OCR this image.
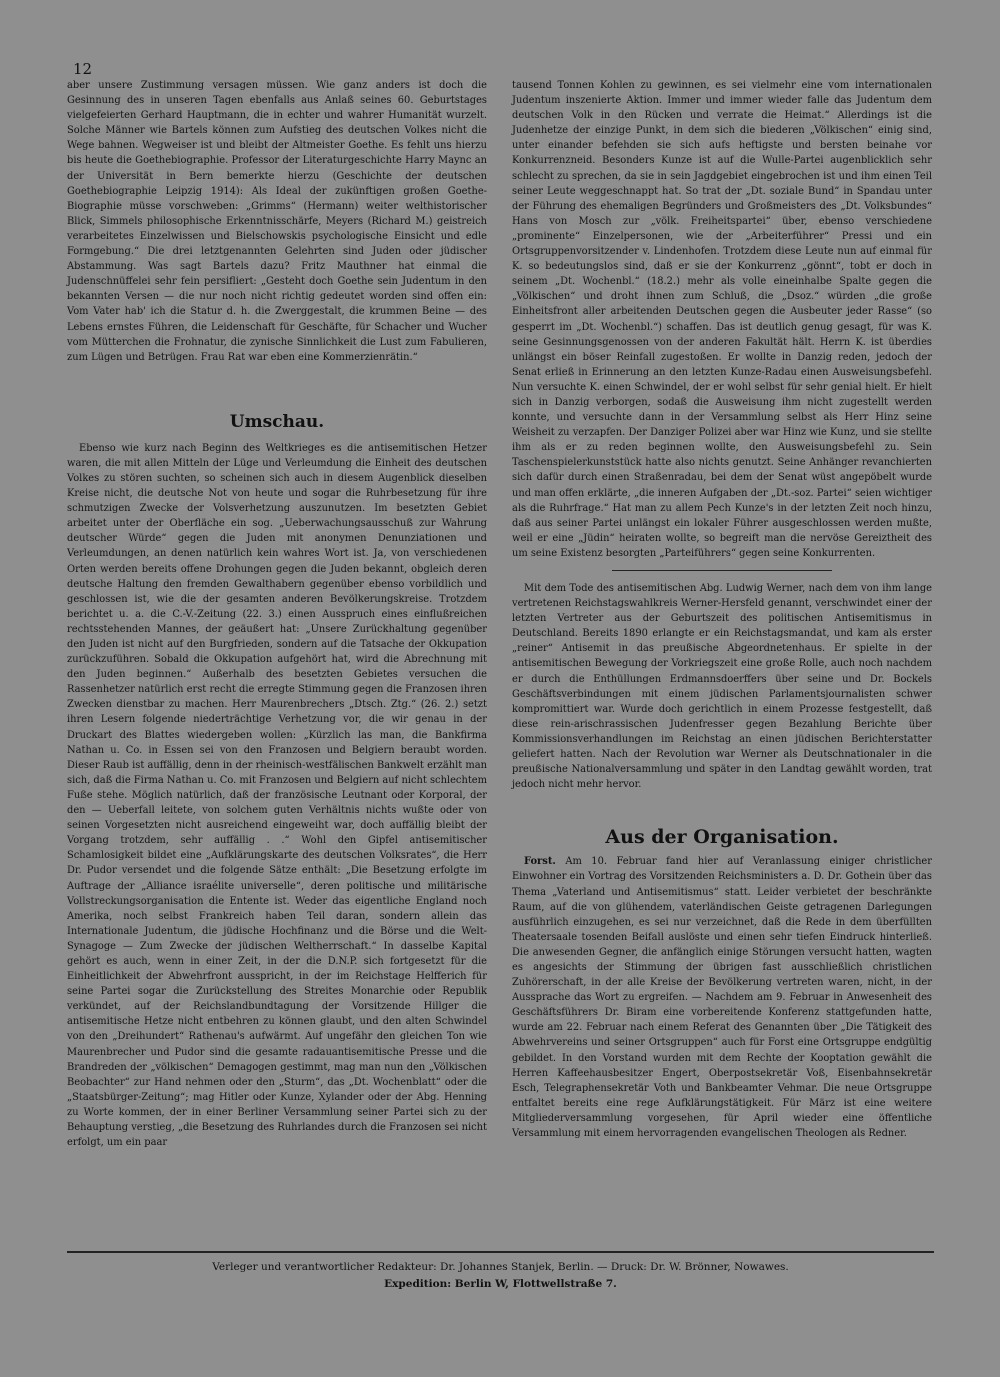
12

aber unsere Zustimmung versagen müssen. Wie ganz anders ist doch die Gesinnung des in unseren Tagen ebenfalls aus Anlaß seines 60. Geburtstages vielgefeierten Gerhard Hauptmann, die in echter und wahrer Humanität wurzelt. Solche Männer wie Bartels können zum Aufstieg des deutschen Volkes nicht die Wege bahnen. Wegweiser ist und bleibt der Altmeister Goethe. Es fehlt uns hierzu bis heute die Goethebiographie. Professor der Literaturgeschichte Harry Maync an der Universität in Bern bemerkte hierzu (Geschichte der deutschen Goethebiographie Leipzig 1914): Als Ideal der zukünftigen großen Goethe-Biographie müsse vorschweben: „Grimms“ (Hermann) weiter welthistorischer Blick, Simmels philosophische Erkenntnisschärfe, Meyers (Richard M.) geistreich verarbeitetes Einzelwissen und Bielschowskis psychologische Einsicht und edle Formgebung.“ Die drei letztgenannten Gelehrten sind Juden oder jüdischer Abstammung. Was sagt Bartels dazu? Fritz Mauthner hat einmal die Judenschnüffelei sehr fein persifliert: „Gesteht doch Goethe sein Judentum in den bekannten Versen — die nur noch nicht richtig gedeutet worden sind offen ein: Vom Vater hab' ich die Statur d. h. die Zwerggestalt, die krummen Beine — des Lebens ernstes Führen, die Leidenschaft für Geschäfte, für Schacher und Wucher vom Mütterchen die Frohnatur, die zynische Sinnlichkeit die Lust zum Fabulieren, zum Lügen und Betrügen. Frau Rat war eben eine Kommerzienrätin.“

Umschau.

Ebenso wie kurz nach Beginn des Weltkrieges es die antisemitischen Hetzer waren, die mit allen Mitteln der Lüge und Verleumdung die Einheit des deutschen Volkes zu stören suchten, so scheinen sich auch in diesem Augenblick dieselben Kreise nicht, die deutsche Not von heute und sogar die Ruhrbesetzung für ihre schmutzigen Zwecke der Volsverhetzung auszunutzen. Im besetzten Gebiet arbeitet unter der Oberfläche ein sog. „Ueberwachungsausschuß zur Wahrung deutscher Würde“ gegen die Juden mit anonymen Denunziationen und Verleumdungen, an denen natürlich kein wahres Wort ist. Ja, von verschiedenen Orten werden bereits offene Drohungen gegen die Juden bekannt, obgleich deren deutsche Haltung den fremden Gewalthabern gegenüber ebenso vorbildlich und geschlossen ist, wie die der gesamten anderen Bevölkerungskreise. Trotzdem berichtet u. a. die C.-V.-Zeitung (22. 3.) einen Ausspruch eines einflußreichen rechtsstehenden Mannes, der geäußert hat: „Unsere Zurückhaltung gegenüber den Juden ist nicht auf den Burgfrieden, sondern auf die Tatsache der Okkupation zurückzuführen. Sobald die Okkupation aufgehört hat, wird die Abrechnung mit den Juden beginnen.“ Außerhalb des besetzten Gebietes versuchen die Rassenhetzer natürlich erst recht die erregte Stimmung gegen die Franzosen ihren Zwecken dienstbar zu machen. Herr Maurenbrechers „Dtsch. Ztg.“ (26. 2.) setzt ihren Lesern folgende niederträchtige Verhetzung vor, die wir genau in der Druckart des Blattes wiedergeben wollen: „Kürzlich las man, die Bankfirma Nathan u. Co. in Essen sei von den Franzosen und Belgiern beraubt worden. Dieser Raub ist auffällig, denn in der rheinisch-westfälischen Bankwelt erzählt man sich, daß die Firma Nathan u. Co. mit Franzosen und Belgiern auf nicht schlechtem Fuße stehe. Möglich natürlich, daß der französische Leutnant oder Korporal, der den — Ueberfall leitete, von solchem guten Verhältnis nichts wußte oder von seinen Vorgesetzten nicht ausreichend eingeweiht war, doch auffällig bleibt der Vorgang trotzdem, sehr auffällig . .“ Wohl den Gipfel antisemitischer Schamlosigkeit bildet eine „Aufklärungskarte des deutschen Volksrates“, die Herr Dr. Pudor versendet und die folgende Sätze enthält: „Die Besetzung erfolgte im Auftrage der „Alliance israélite universelle“, deren politische und militärische Vollstreckungsorganisation die Entente ist. Weder das eigentliche England noch Amerika, noch selbst Frankreich haben Teil daran, sondern allein das Internationale Judentum, die jüdische Hochfinanz und die Börse und die Welt-Synagoge — Zum Zwecke der jüdischen Weltherrschaft.“ In dasselbe Kapital gehört es auch, wenn in einer Zeit, in der die D.N.P. sich fortgesetzt für die Einheitlichkeit der Abwehrfront ausspricht, in der im Reichstage Helfferich für seine Partei sogar die Zurückstellung des Streites Monarchie oder Republik verkündet, auf der Reichslandbundtagung der Vorsitzende Hillger die antisemitische Hetze nicht entbehren zu können glaubt, und den alten Schwindel von den „Dreihundert“ Rathenau's aufwärmt. Auf ungefähr den gleichen Ton wie Maurenbrecher und Pudor sind die gesamte radauantisemitische Presse und die Brandreden der „völkischen“ Demagogen gestimmt, mag man nun den „Völkischen Beobachter“ zur Hand nehmen oder den „Sturm“, das „Dt. Wochenblatt“ oder die „Staatsbürger-Zeitung“; mag Hitler oder Kunze, Xylander oder der Abg. Henning zu Worte kommen, der in einer Berliner Versammlung seiner Partei sich zu der Behauptung verstieg, „die Besetzung des Ruhrlandes durch die Franzosen sei nicht erfolgt, um ein paar

tausend Tonnen Kohlen zu gewinnen, es sei vielmehr eine vom internationalen Judentum inszenierte Aktion. Immer und immer wieder falle das Judentum dem deutschen Volk in den Rücken und verrate die Heimat.“ Allerdings ist die Judenhetze der einzige Punkt, in dem sich die biederen „Völkischen“ einig sind, unter einander befehden sie sich aufs heftigste und bersten beinahe vor Konkurrenzneid. Besonders Kunze ist auf die Wulle-Partei augenblicklich sehr schlecht zu sprechen, da sie in sein Jagdgebiet eingebrochen ist und ihm einen Teil seiner Leute weggeschnappt hat. So trat der „Dt. soziale Bund“ in Spandau unter der Führung des ehemaligen Begründers und Großmeisters des „Dt. Volksbundes“ Hans von Mosch zur „völk. Freiheitspartei“ über, ebenso verschiedene „prominente“ Einzelpersonen, wie der „Arbeiterführer“ Pressi und ein Ortsgruppenvorsitzender v. Lindenhofen. Trotzdem diese Leute nun auf einmal für K. so bedeutungslos sind, daß er sie der Konkurrenz „gönnt“, tobt er doch in seinem „Dt. Wochenbl.“ (18.2.) mehr als volle eineinhalbe Spalte gegen die „Völkischen“ und droht ihnen zum Schluß, die „Dsoz.“ würden „die große Einheitsfront aller arbeitenden Deutschen gegen die Ausbeuter jeder Rasse“ (so gesperrt im „Dt. Wochenbl.“) schaffen. Das ist deutlich genug gesagt, für was K. seine Gesinnungsgenossen von der anderen Fakultät hält. Herrn K. ist überdies unlängst ein böser Reinfall zugestoßen. Er wollte in Danzig reden, jedoch der Senat erließ in Erinnerung an den letzten Kunze-Radau einen Ausweisungsbefehl. Nun versuchte K. einen Schwindel, der er wohl selbst für sehr genial hielt. Er hielt sich in Danzig verborgen, sodaß die Ausweisung ihm nicht zugestellt werden konnte, und versuchte dann in der Versammlung selbst als Herr Hinz seine Weisheit zu verzapfen. Der Danziger Polizei aber war Hinz wie Kunz, und sie stellte ihm als er zu reden beginnen wollte, den Ausweisungsbefehl zu. Sein Taschenspielerkunststück hatte also nichts genutzt. Seine Anhänger revanchierten sich dafür durch einen Straßenradau, bei dem der Senat wüst angepöbelt wurde und man offen erklärte, „die inneren Aufgaben der „Dt.-soz. Partei“ seien wichtiger als die Ruhrfrage.“ Hat man zu allem Pech Kunze's in der letzten Zeit noch hinzu, daß aus seiner Partei unlängst ein lokaler Führer ausgeschlossen werden mußte, weil er eine „Jüdin“ heiraten wollte, so begreift man die nervöse Gereiztheit des um seine Existenz besorgten „Parteiführers“ gegen seine Konkurrenten.

Mit dem Tode des antisemitischen Abg. Ludwig Werner, nach dem von ihm lange vertretenen Reichstagswahlkreis Werner-Hersfeld genannt, verschwindet einer der letzten Vertreter aus der Geburtszeit des politischen Antisemitismus in Deutschland. Bereits 1890 erlangte er ein Reichstagsmandat, und kam als erster „reiner“ Antisemit in das preußische Abgeordnetenhaus. Er spielte in der antisemitischen Bewegung der Vorkriegszeit eine große Rolle, auch noch nachdem er durch die Enthüllungen Erdmannsdoerffers über seine und Dr. Bockels Geschäftsverbindungen mit einem jüdischen Parlamentsjournalisten schwer kompromittiert war. Wurde doch gerichtlich in einem Prozesse festgestellt, daß diese rein-arischrassischen Judenfresser gegen Bezahlung Berichte über Kommissionsverhandlungen im Reichstag an einen jüdischen Berichterstatter geliefert hatten. Nach der Revolution war Werner als Deutschnationaler in die preußische Nationalversammlung und später in den Landtag gewählt worden, trat jedoch nicht mehr hervor.

Aus der Organisation.

Forst. Am 10. Februar fand hier auf Veranlassung einiger christlicher Einwohner ein Vortrag des Vorsitzenden Reichsministers a. D. Dr. Gothein über das Thema „Vaterland und Antisemitismus“ statt. Leider verbietet der beschränkte Raum, auf die von glühendem, vaterländischen Geiste getragenen Darlegungen ausführlich einzugehen, es sei nur verzeichnet, daß die Rede in dem überfüllten Theatersaale tosenden Beifall auslöste und einen sehr tiefen Eindruck hinterließ. Die anwesenden Gegner, die anfänglich einige Störungen versucht hatten, wagten es angesichts der Stimmung der übrigen fast ausschließlich christlichen Zuhörerschaft, in der alle Kreise der Bevölkerung vertreten waren, nicht, in der Aussprache das Wort zu ergreifen. — Nachdem am 9. Februar in Anwesenheit des Geschäftsführers Dr. Biram eine vorbereitende Konferenz stattgefunden hatte, wurde am 22. Februar nach einem Referat des Genannten über „Die Tätigkeit des Abwehrvereins und seiner Ortsgruppen“ auch für Forst eine Ortsgruppe endgültig gebildet. In den Vorstand wurden mit dem Rechte der Kooptation gewählt die Herren Kaffeehausbesitzer Engert, Oberpostsekretär Voß, Eisenbahnsekretär Esch, Telegraphensekretär Voth und Bankbeamter Vehmar. Die neue Ortsgruppe entfaltet bereits eine rege Aufklärungstätigkeit. Für März ist eine weitere Mitgliederversammlung vorgesehen, für April wieder eine öffentliche Versammlung mit einem hervorragenden evangelischen Theologen als Redner.

Verleger und verantwortlicher Redakteur: Dr. Johannes Stanjek, Berlin. — Druck: Dr. W. Brönner, Nowawes.
Expedition: Berlin W, Flottwellstraße 7.
